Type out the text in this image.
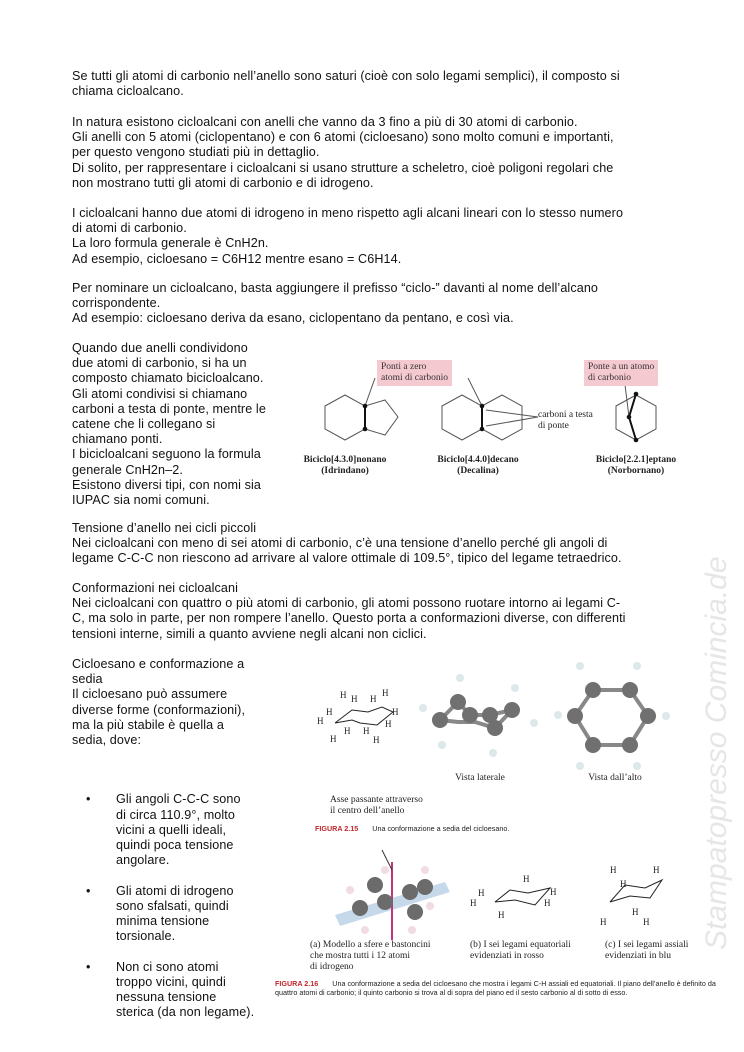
Stampatopresso Comincia.de
Se tutti gli atomi di carbonio nell’anello sono saturi (cioè con solo legami semplici), il composto si
chiama cicloalcano.
In natura esistono cicloalcani con anelli che vanno da 3 fino a più di 30 atomi di carbonio.
Gli anelli con 5 atomi (ciclopentano) e con 6 atomi (cicloesano) sono molto comuni e importanti,
per questo vengono studiati più in dettaglio.
Di solito, per rappresentare i cicloalcani si usano strutture a scheletro, cioè poligoni regolari che
non mostrano tutti gli atomi di carbonio e di idrogeno.
I cicloalcani hanno due atomi di idrogeno in meno rispetto agli alcani lineari con lo stesso numero
di atomi di carbonio.
La loro formula generale è CnH2n.
Ad esempio, cicloesano = C6H12 mentre esano = C6H14.
Per nominare un cicloalcano, basta aggiungere il prefisso “ciclo-” davanti al nome dell’alcano
corrispondente.
Ad esempio: cicloesano deriva da esano, ciclopentano da pentano, e così via.
Quando due anelli condividono
due atomi di carbonio, si ha un
composto chiamato bicicloalcano.
Gli atomi condivisi si chiamano
carboni a testa di ponte, mentre le
catene che li collegano si
chiamano ponti.
I bicicloalcani seguono la formula
generale CnH2n–2.
Esistono diversi tipi, con nomi sia
IUPAC sia nomi comuni.
Tensione d’anello nei cicli piccoli
Nei cicloalcani con meno di sei atomi di carbonio, c’è una tensione d’anello perché gli angoli di
legame C-C-C non riescono ad arrivare al valore ottimale di 109.5°, tipico del legame tetraedrico.
Conformazioni nei cicloalcani
Nei cicloalcani con quattro o più atomi di carbonio, gli atomi possono ruotare intorno ai legami C-
C, ma solo in parte, per non rompere l’anello. Questo porta a conformazioni diverse, con differenti
tensioni interne, simili a quanto avviene negli alcani non ciclici.
Cicloesano e conformazione a
sedia
Il cicloesano può assumere
diverse forme (conformazioni),
ma la più stabile è quella a
sedia, dove:

• Gli angoli C-C-C sono
di circa 110.9°, molto
vicini a quelli ideali,
quindi poca tensione
angolare.

• Gli atomi di idrogeno
sono sfalsati, quindi
minima tensione
torsionale.

• Non ci sono atomi
troppo vicini, quindi
nessuna tensione
sterica (da non legame).

Ponti a zero
atomi di carbonio
Ponte a un atomo
di carbonio
carboni a testa
di ponte
Biciclo[4.3.0]nonano
(Idrindano)
Biciclo[4.4.0]decano
(Decalina)
Biciclo[2.2.1]eptano
(Norbornano)
H H H
H
H	H
H	H
H H
H	H
Vista laterale	Vista dall’alto
Asse passante attraverso
il centro dell’anello
FIGURA 2.15 Una conformazione a sedia del cicloesano.
H
H
H
H
H
H
H	H
H
H
H	H
(a) Modello a sfere e bastoncini
che mostra tutti i 12 atomi
di idrogeno
(b) I sei legami equatoriali
evidenziati in rosso
(c) I sei legami assiali
evidenziati in blu
FIGURA 2.16 Una conformazione a sedia del cicloesano che mostra i legami C-H assiali ed equatoriali. Il piano dell’anello è definito da quattro atomi di carbonio; il quinto carbonio si trova al di sopra del piano ed il sesto carbonio al di sotto di esso.
